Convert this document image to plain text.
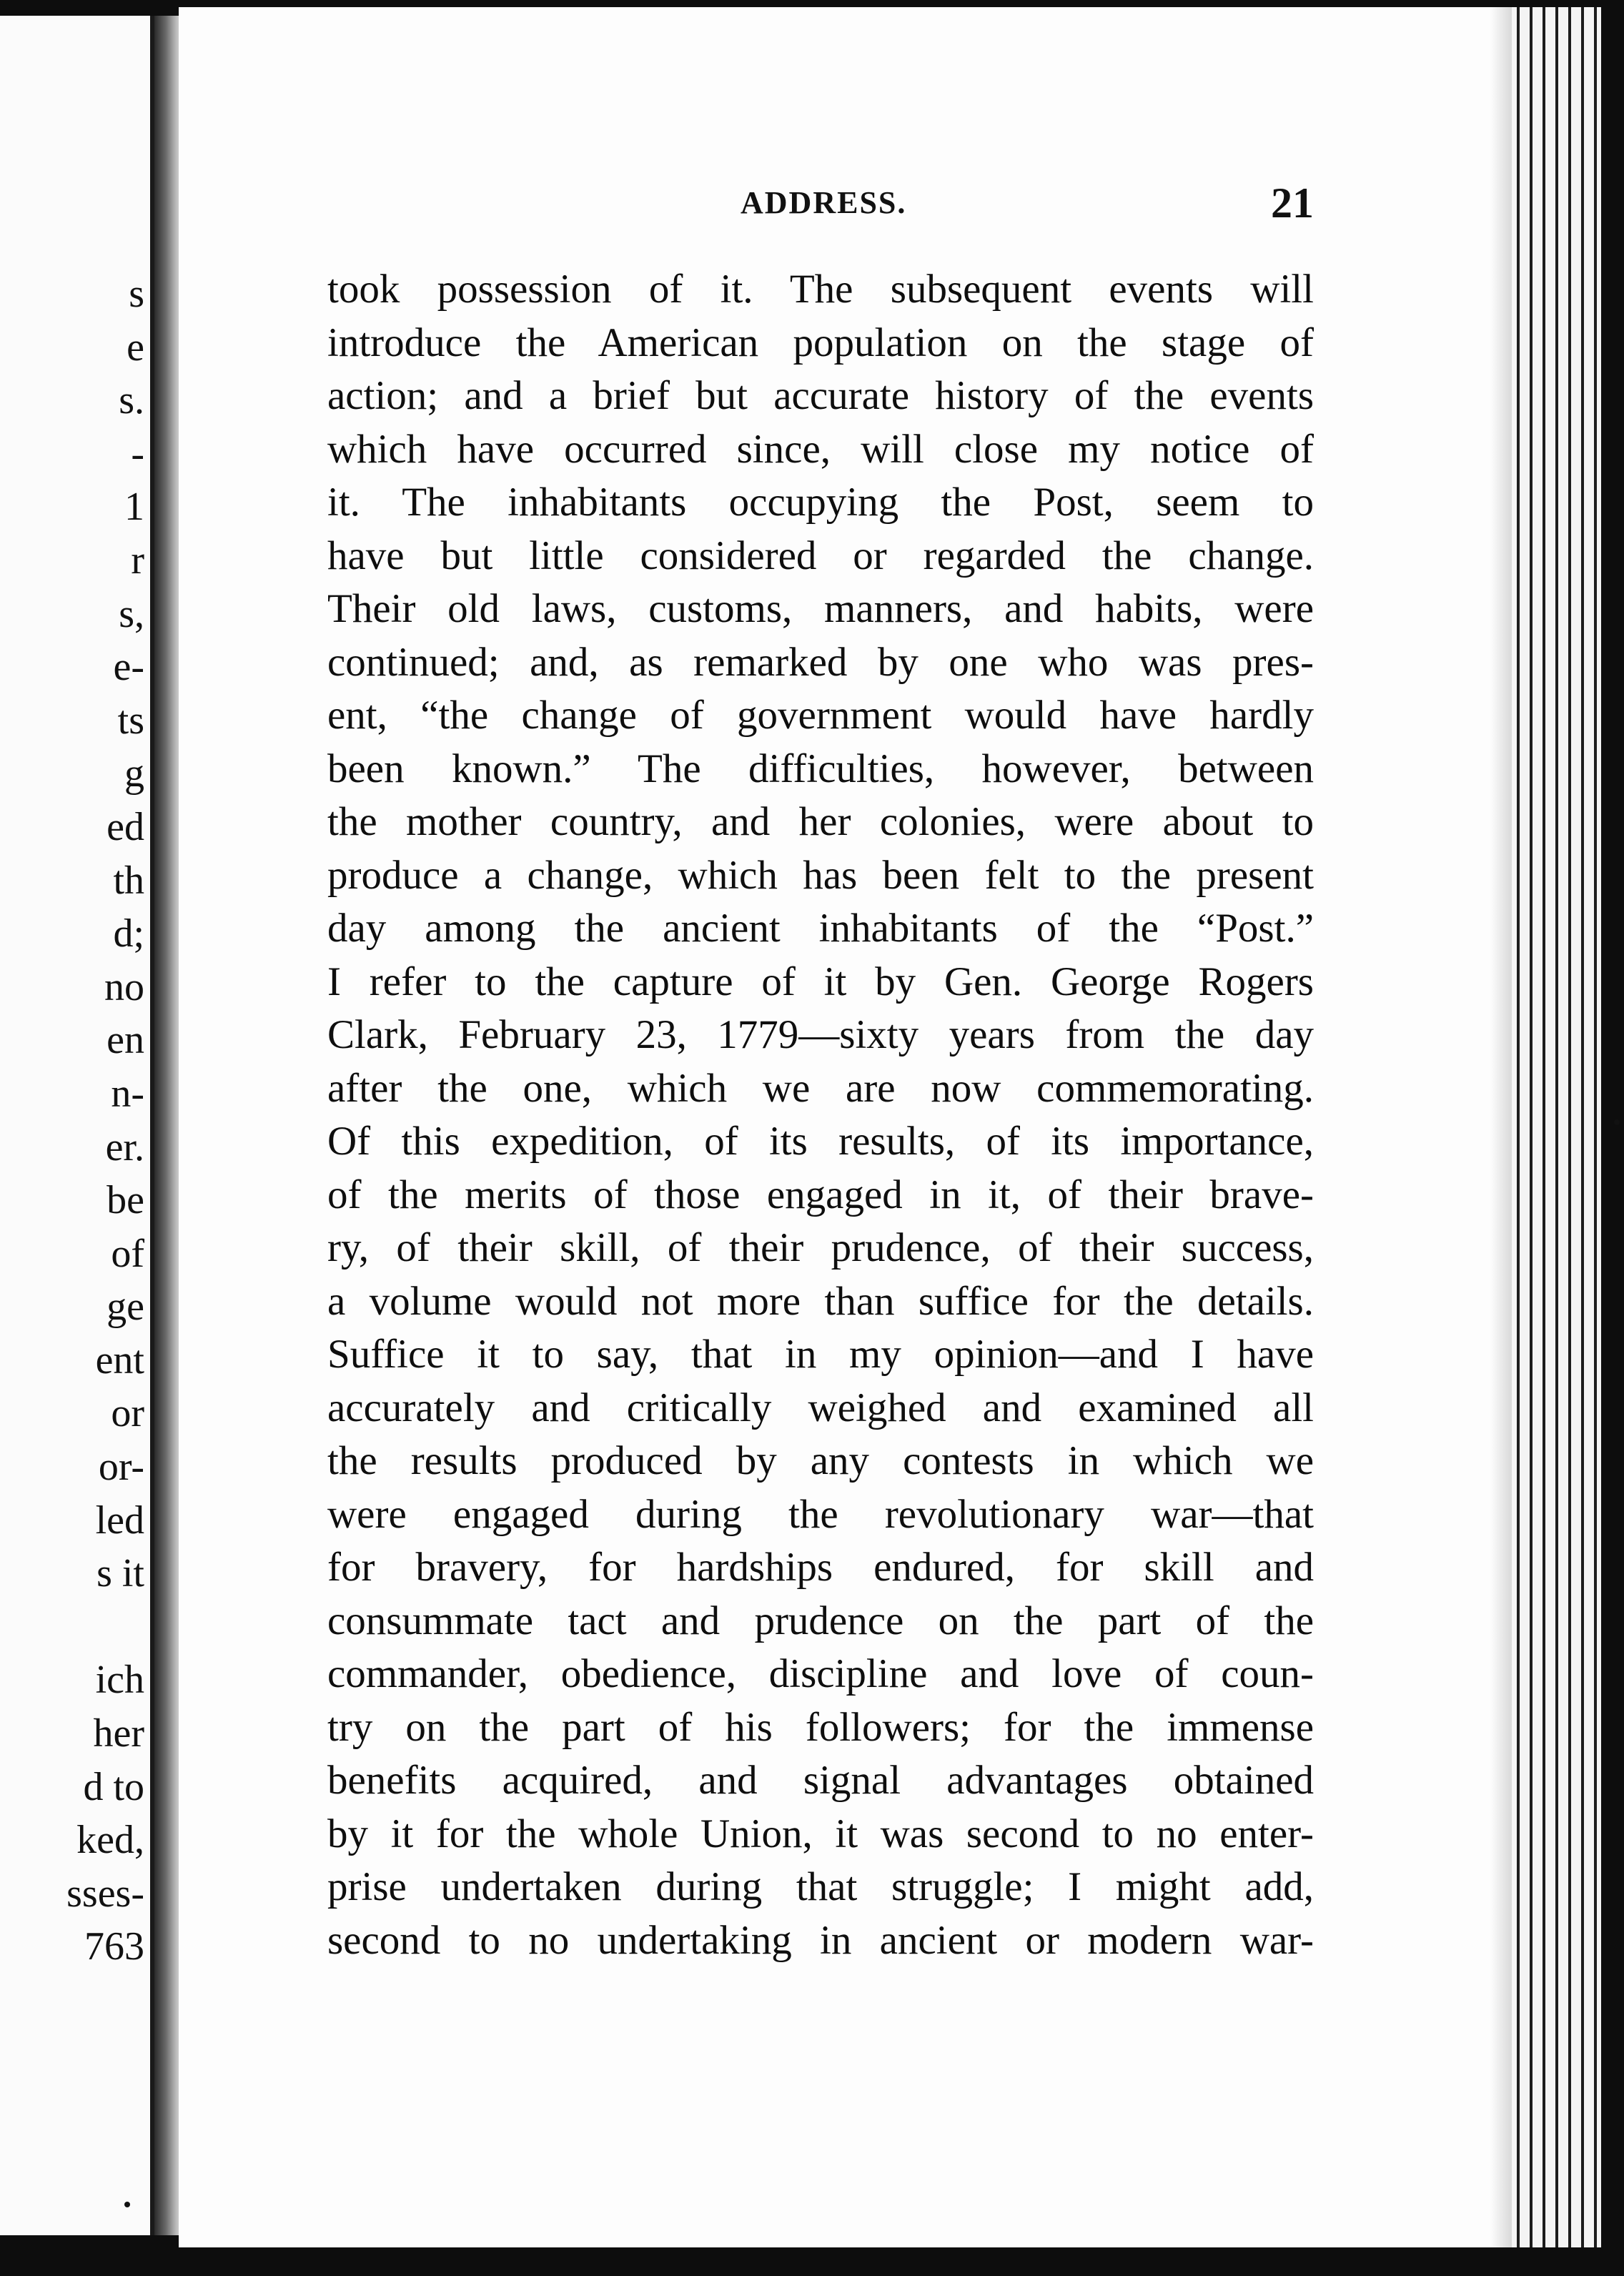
s
e
s.
-
1
r
s,
e-
ts
g
ed
th
d;
no
en
n-
er.
be
of
ge
ent
or
or-
led
s it
ich
her
d to
ked,
sses-
763
ADDRESS.	21
took possession of it. The subsequent events will
introduce the American population on the stage of
action; and a brief but accurate history of the events
which have occurred since, will close my notice of
it. The inhabitants occupying the Post, seem to
have but little considered or regarded the change.
Their old laws, customs, manners, and habits, were
continued; and, as remarked by one who was pres-
ent, “the change of government would have hardly
been known.” The difficulties, however, between
the mother country, and her colonies, were about to
produce a change, which has been felt to the present
day among the ancient inhabitants of the “Post.”
I refer to the capture of it by Gen. George Rogers
Clark, February 23, 1779—sixty years from the day
after the one, which we are now commemorating.
Of this expedition, of its results, of its importance,
of the merits of those engaged in it, of their brave-
ry, of their skill, of their prudence, of their success,
a volume would not more than suffice for the details.
Suffice it to say, that in my opinion—and I have
accurately and critically weighed and examined all
the results produced by any contests in which we
were engaged during the revolutionary war—that
for bravery, for hardships endured, for skill and
consummate tact and prudence on the part of the
commander, obedience, discipline and love of coun-
try on the part of his followers; for the immense
benefits acquired, and signal advantages obtained
by it for the whole Union, it was second to no enter-
prise undertaken during that struggle; I might add,
second to no undertaking in ancient or modern war-
